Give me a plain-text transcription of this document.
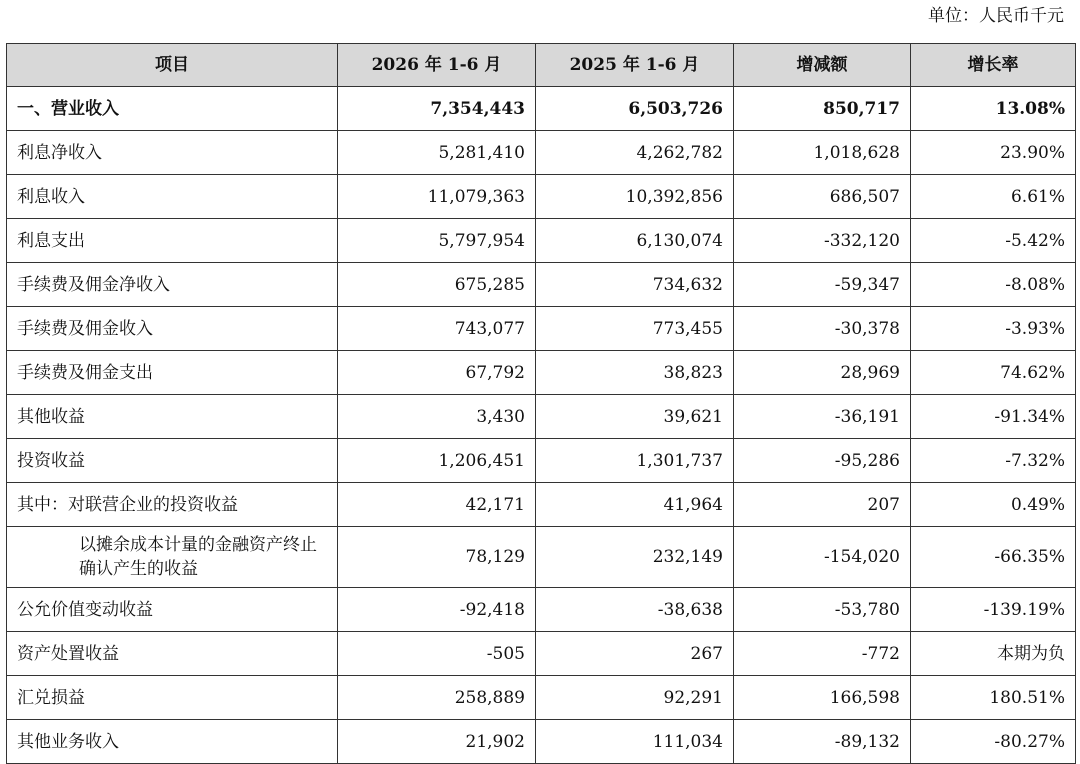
单位：人民币千元
项目	2026 年 1-6 月	2025 年 1-6 月	增减额	增长率
一、营业收入	7,354,443	6,503,726	850,717	13.08%
利息净收入	5,281,410	4,262,782	1,018,628	23.90%
利息收入	11,079,363	10,392,856	686,507	6.61%
利息支出	5,797,954	6,130,074	-332,120	-5.42%
手续费及佣金净收入	675,285	734,632	-59,347	-8.08%
手续费及佣金收入	743,077	773,455	-30,378	-3.93%
手续费及佣金支出	67,792	38,823	28,969	74.62%
其他收益	3,430	39,621	-36,191	-91.34%
投资收益	1,206,451	1,301,737	-95,286	-7.32%
其中：对联营企业的投资收益	42,171	41,964	207	0.49%

以摊余成本计量的金融资产终止确认产生的收益	78,129	232,149	-154,020	-66.35%
公允价值变动收益	-92,418	-38,638	-53,780	-139.19%
资产处置收益	-505	267	-772	本期为负
汇兑损益	258,889	92,291	166,598	180.51%
其他业务收入	21,902	111,034	-89,132	-80.27%
